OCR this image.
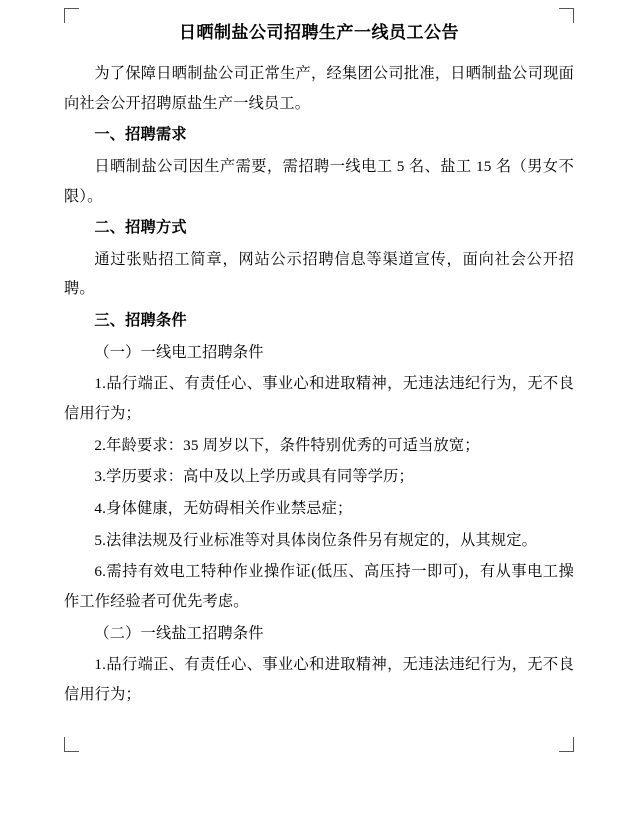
日晒制盐公司招聘生产一线员工公告

为了保障日晒制盐公司正常生产，经集团公司批准，日晒制盐公司现面向社会公开招聘原盐生产一线员工。

一、招聘需求

日晒制盐公司因生产需要，需招聘一线电工 5 名、盐工 15 名（男女不限）。

二、招聘方式

通过张贴招工简章，网站公示招聘信息等渠道宣传，面向社会公开招聘。

三、招聘条件

（一）一线电工招聘条件

1.品行端正、有责任心、事业心和进取精神，无违法违纪行为，无不良信用行为；

2.年龄要求：35 周岁以下，条件特别优秀的可适当放宽；

3.学历要求：高中及以上学历或具有同等学历；

4.身体健康，无妨碍相关作业禁忌症；

5.法律法规及行业标准等对具体岗位条件另有规定的，从其规定。

6.需持有效电工特种作业操作证(低压、高压持一即可)，有从事电工操作工作经验者可优先考虑。

（二）一线盐工招聘条件

1.品行端正、有责任心、事业心和进取精神，无违法违纪行为，无不良信用行为；
